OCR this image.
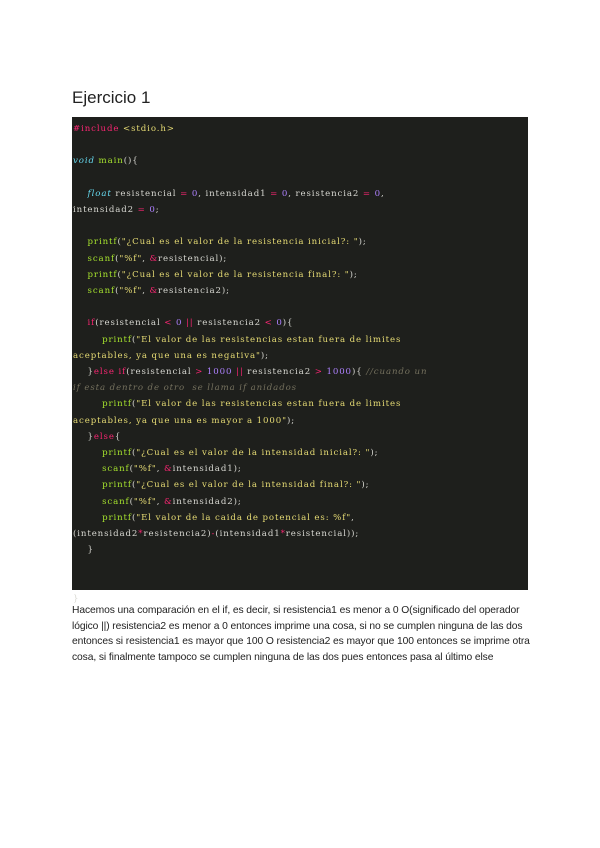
Ejercicio 1
#include <stdio.h>
void main(){
float resistencial = 0, intensidad1 = 0, resistencia2 = 0,
intensidad2 = 0;
printf("¿Cual es el valor de la resistencia inicial?: ");
scanf("%f", &resistencial);
printf("¿Cual es el valor de la resistencia final?: ");
scanf("%f", &resistencia2);
if(resistencial < 0 || resistencia2 < 0){
printf("El valor de las resistencias estan fuera de limites
aceptables, ya que una es negativa");
}else if(resistencial > 1000 || resistencia2 > 1000){ //cuando un
if esta dentro de otro  se llama if anidados
printf("El valor de las resistencias estan fuera de limites
aceptables, ya que una es mayor a 1000");
}else{
printf("¿Cual es el valor de la intensidad inicial?: ");
scanf("%f", &intensidad1);
printf("¿Cual es el valor de la intensidad final?: ");
scanf("%f", &intensidad2);
printf("El valor de la caida de potencial es: %f",
(intensidad2*resistencia2)-(intensidad1*resistencial));
}
}

Hacemos una comparación en el if, es decir, si resistencia1 es menor a 0 O(significado del operador lógico ||) resistencia2 es menor a 0 entonces imprime una cosa, si no se cumplen ninguna de las dos entonces si resistencia1 es mayor que 100 O resistencia2 es mayor que 100 entonces se imprime otra cosa, si finalmente tampoco se cumplen ninguna de las dos pues entonces pasa al último else
